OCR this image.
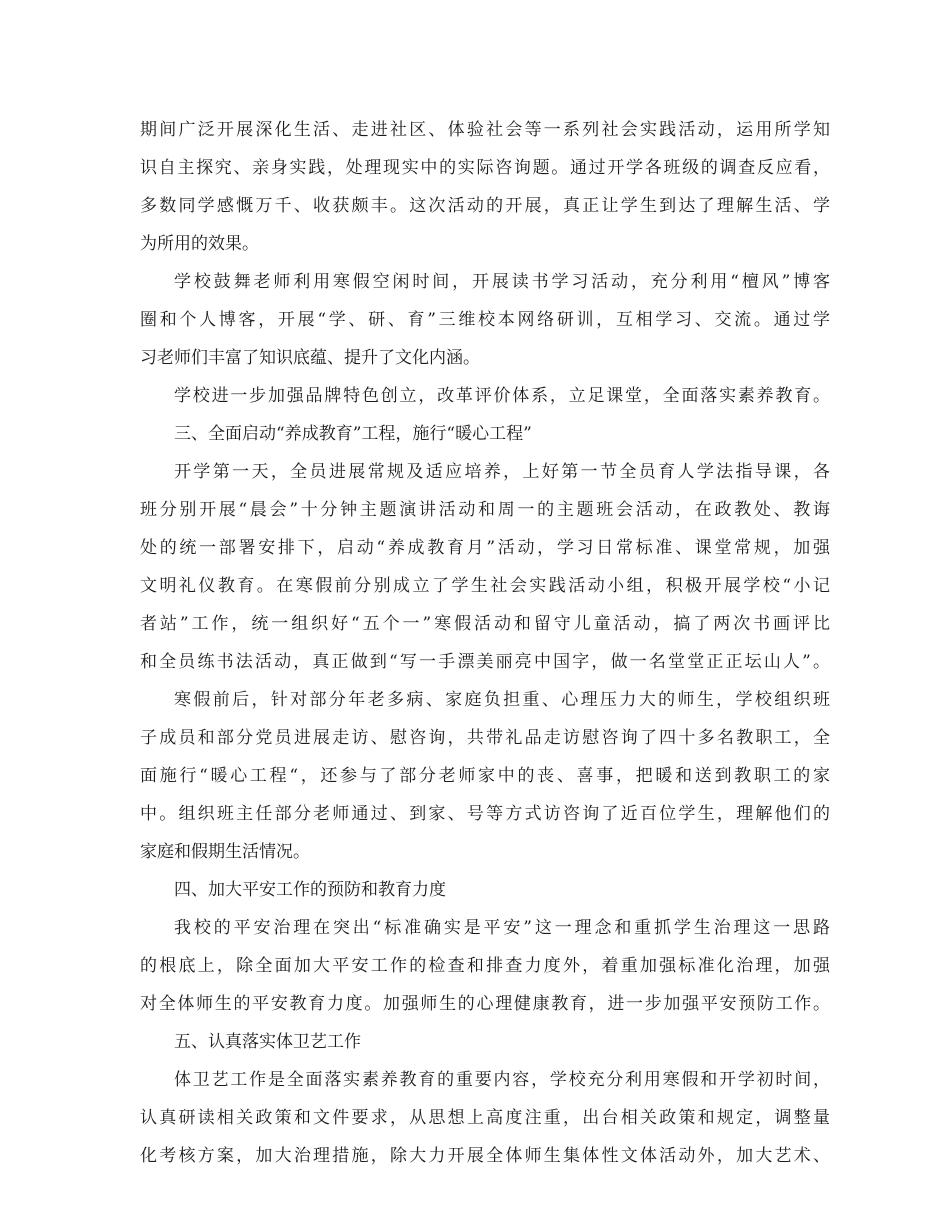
期间广泛开展深化生活、走进社区、体验社会等一系列社会实践活动，运用所学知
识自主探究、亲身实践，处理现实中的实际咨询题。通过开学各班级的调查反应看，
多数同学感慨万千、收获颇丰。这次活动的开展，真正让学生到达了理解生活、学
为所用的效果。
学校鼓舞老师利用寒假空闲时间，开展读书学习活动，充分利用“檀风”博客
圈和个人博客，开展“学、研、育”三维校本网络研训，互相学习、交流。通过学
习老师们丰富了知识底蕴、提升了文化内涵。
学校进一步加强品牌特色创立，改革评价体系，立足课堂，全面落实素养教育。
三、全面启动“养成教育”工程，施行“暖心工程”
开学第一天，全员进展常规及适应培养，上好第一节全员育人学法指导课，各
班分别开展“晨会”十分钟主题演讲活动和周一的主题班会活动，在政教处、教诲
处的统一部署安排下，启动“养成教育月”活动，学习日常标准、课堂常规，加强
文明礼仪教育。在寒假前分别成立了学生社会实践活动小组，积极开展学校“小记
者站”工作，统一组织好“五个一”寒假活动和留守儿童活动，搞了两次书画评比
和全员练书法活动，真正做到“写一手漂美丽亮中国字，做一名堂堂正正坛山人”。
寒假前后，针对部分年老多病、家庭负担重、心理压力大的师生，学校组织班
子成员和部分党员进展走访、慰咨询，共带礼品走访慰咨询了四十多名教职工，全
面施行“暖心工程“，还参与了部分老师家中的丧、喜事，把暖和送到教职工的家
中。组织班主任部分老师通过、到家、号等方式访咨询了近百位学生，理解他们的
家庭和假期生活情况。
四、加大平安工作的预防和教育力度
我校的平安治理在突出“标准确实是平安”这一理念和重抓学生治理这一思路
的根底上，除全面加大平安工作的检查和排查力度外，着重加强标准化治理，加强
对全体师生的平安教育力度。加强师生的心理健康教育，进一步加强平安预防工作。
五、认真落实体卫艺工作
体卫艺工作是全面落实素养教育的重要内容，学校充分利用寒假和开学初时间，
认真研读相关政策和文件要求，从思想上高度注重，出台相关政策和规定，调整量
化考核方案，加大治理措施，除大力开展全体师生集体性文体活动外，加大艺术、
